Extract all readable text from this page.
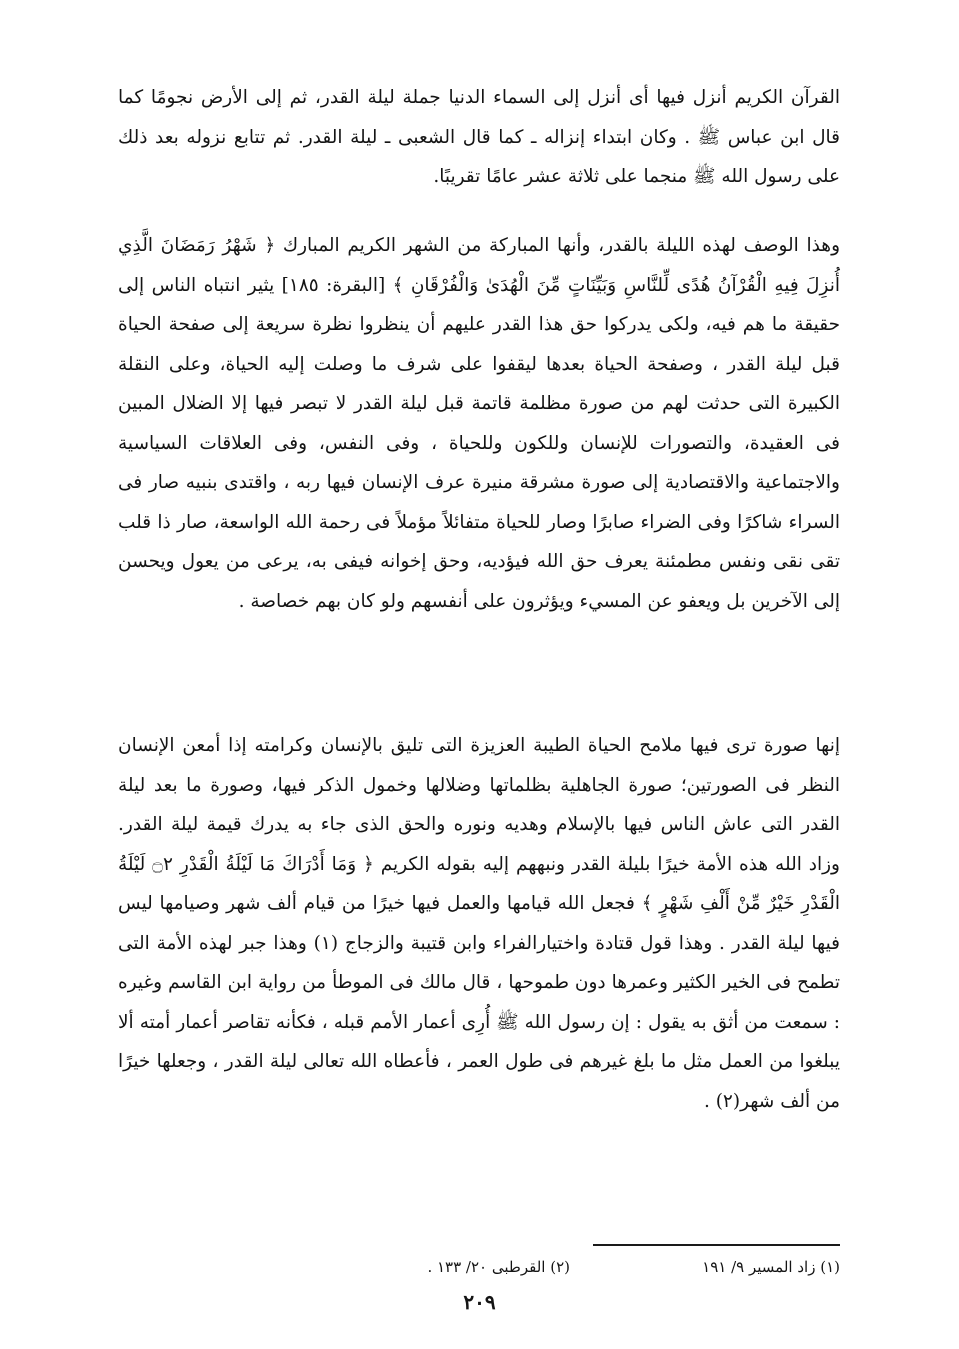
القرآن الكريم أنزل فيها أى أنزل إلى السماء الدنيا جملة ليلة القدر، ثم إلى الأرض نجومًا كما قال ابن عباس ﷺ . وكان ابتداء إنزاله ـ كما قال الشعبى ـ ليلة القدر. ثم تتابع نزوله بعد ذلك على رسول الله ﷺ منجما على ثلاثة عشر عامًا تقريبًا.

وهذا الوصف لهذه الليلة بالقدر، وأنها المباركة من الشهر الكريم المبارك ﴿ شَهْرُ رَمَضَانَ الَّذِي أُنزِلَ فِيهِ الْقُرْآنُ هُدًى لِّلنَّاسِ وَبَيِّنَاتٍ مِّنَ الْهُدَىٰ وَالْفُرْقَانِ ﴾ [البقرة: ١٨٥] يثير انتباه الناس إلى حقيقة ما هم فيه، ولكى يدركوا حق هذا القدر عليهم أن ينظروا نظرة سريعة إلى صفحة الحياة قبل ليلة القدر ، وصفحة الحياة بعدها ليقفوا على شرف ما وصلت إليه الحياة، وعلى النقلة الكبيرة التى حدثت لهم من صورة مظلمة قاتمة قبل ليلة القدر لا تبصر فيها إلا الضلال المبين فى العقيدة، والتصورات للإنسان وللكون وللحياة ، وفى النفس، وفى العلاقات السياسية والاجتماعية والاقتصادية إلى صورة مشرقة منيرة عرف الإنسان فيها ربه ، واقتدى بنبيه صار فى السراء شاكرًا وفى الضراء صابرًا وصار للحياة متفائلاً مؤملاً فى رحمة الله الواسعة، صار ذا قلب تقى نقى ونفس مطمئنة يعرف حق الله فيؤديه، وحق إخوانه فيفى به، يرعى من يعول ويحسن إلى الآخرين بل ويعفو عن المسيء ويؤثرون على أنفسهم ولو كان بهم خصاصة .

إنها صورة ترى فيها ملامح الحياة الطيبة العزيزة التى تليق بالإنسان وكرامته إذا أمعن الإنسان النظر فى الصورتين؛ صورة الجاهلية بظلماتها وضلالها وخمول الذكر فيها، وصورة ما بعد ليلة القدر التى عاش الناس فيها بالإسلام وهديه ونوره والحق الذى جاء به يدرك قيمة ليلة القدر. وزاد الله هذه الأمة خيرًا بليلة القدر ونبههم إليه بقوله الكريم ﴿ وَمَا أَدْرَاكَ مَا لَيْلَةُ الْقَدْرِ ۝٢ لَيْلَةُ الْقَدْرِ خَيْرٌ مِّنْ أَلْفِ شَهْرٍ ﴾ فجعل الله قيامها والعمل فيها خيرًا من قيام ألف شهر وصيامها ليس فيها ليلة القدر . وهذا قول قتادة واختيارالفراء وابن قتيبة والزجاج (١) وهذا جبر لهذه الأمة التى تطمح فى الخير الكثير وعمرها دون طموحها ، قال مالك فى الموطأ من رواية ابن القاسم وغيره : سمعت من أثق به يقول : إن رسول الله ﷺ أُرِى أعمار الأمم قبله ، فكأنه تقاصر أعمار أمته ألا يبلغوا من العمل مثل ما بلغ غيرهم فى طول العمر ، فأعطاه الله تعالى ليلة القدر ، وجعلها خيرًا من ألف شهر(٢) .

(١) زاد المسير ٩/ ١٩١
(٢) القرطبى ٢٠/ ١٣٣ .
٢٠٩
